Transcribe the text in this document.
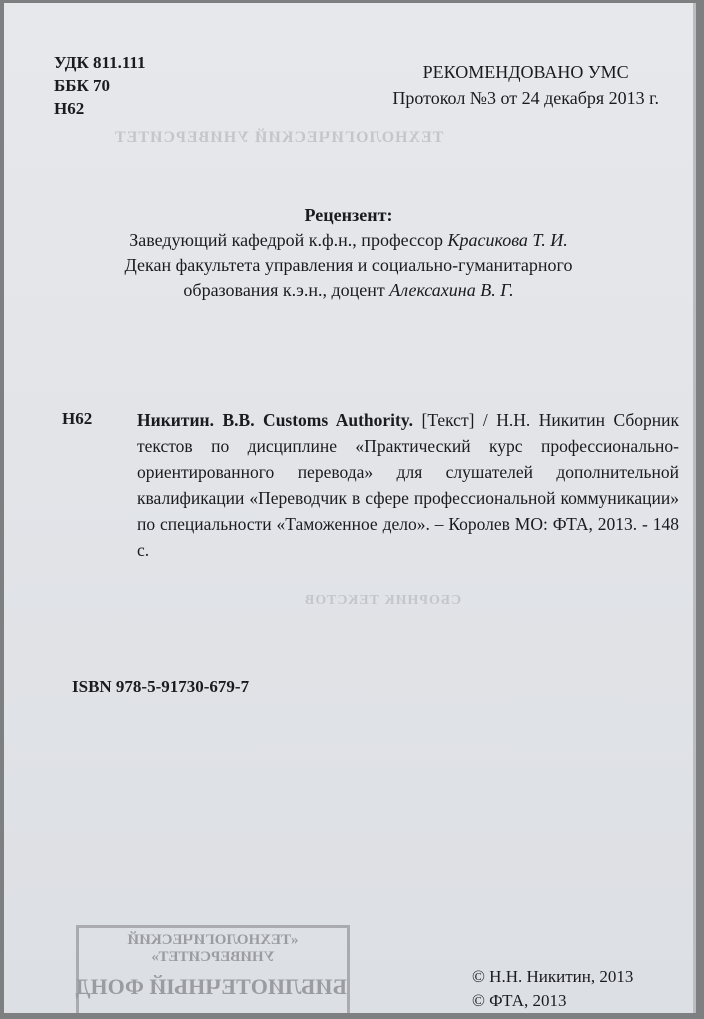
ТЕХНОЛОГИЧЕСКИЙ УНИВЕРСИТЕТ
СБОРНИК ТЕКСТОВ
УДК 811.111
ББК 70
Н62
РЕКОМЕНДОВАНО УМС
Протокол №3 от 24 декабря 2013 г.
Рецензент:
Заведующий кафедрой к.ф.н., профессор Красикова Т. И.
Декан факультета управления и социально-гуманитарного
образования к.э.н., доцент Алексахина В. Г.
Н62	Никитин. В.В. Customs Authority. [Текст] / Н.Н. Никитин Сборник текстов по дисциплине «Практический курс профессионально-ориентированного перевода» для слушателей дополнительной квалификации «Переводчик в сфере профессиональной коммуникации» по специальности «Таможенное дело». – Королев МО: ФТА, 2013. - 148 с.
ISBN 978-5-91730-679-7
«ТЕХНОЛОГИЧЕСКИЙ
УНИВЕРСИТЕТ»
БИБЛИОТЕЧНЫЙ ФОНД	© Н.Н. Никитин, 2013
© ФТА, 2013
